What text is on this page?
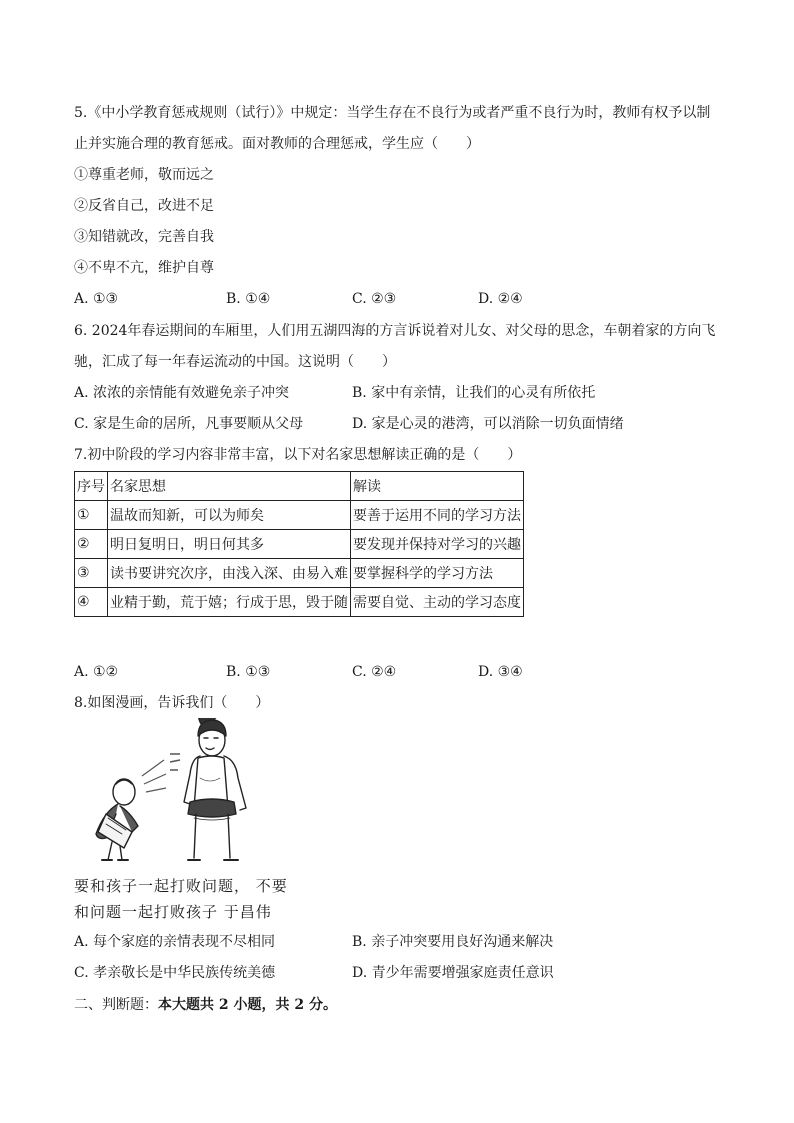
5.《中小学教育惩戒规则（试行）》中规定：当学生存在不良行为或者严重不良行为时，教师有权予以制
止并实施合理的教育惩戒。面对教师的合理惩戒，学生应（　　）
①尊重老师，敬而远之
②反省自己，改进不足
③知错就改，完善自我
④不卑不亢，维护自尊
A. ①③	B. ①④	C. ②③	D. ②④
6. 2024年春运期间的车厢里，人们用五湖四海的方言诉说着对儿女、对父母的思念，车朝着家的方向飞
驰，汇成了每一年春运流动的中国。这说明（　　）
A. 浓浓的亲情能有效避免亲子冲突	B. 家中有亲情，让我们的心灵有所依托
C. 家是生命的居所，凡事要顺从父母	D. 家是心灵的港湾，可以消除一切负面情绪
7.初中阶段的学习内容非常丰富，以下对名家思想解读正确的是（　　）
序号	名家思想	解读
①	温故而知新，可以为师矣	要善于运用不同的学习方法
②	明日复明日，明日何其多	要发现并保持对学习的兴趣
③	读书要讲究次序，由浅入深、由易入难	要掌握科学的学习方法
④	业精于勤，荒于嬉；行成于思，毁于随	需要自觉、主动的学习态度
A. ①②	B. ①③	C. ②④	D. ③④
8.如图漫画，告诉我们（　　）
要和孩子一起打败问题， 不要
和问题一起打败孩子 于昌伟
A. 每个家庭的亲情表现不尽相同	B. 亲子冲突要用良好沟通来解决
C. 孝亲敬长是中华民族传统美德	D. 青少年需要增强家庭责任意识
二、判断题：本大题共 2 小题，共 2 分。
